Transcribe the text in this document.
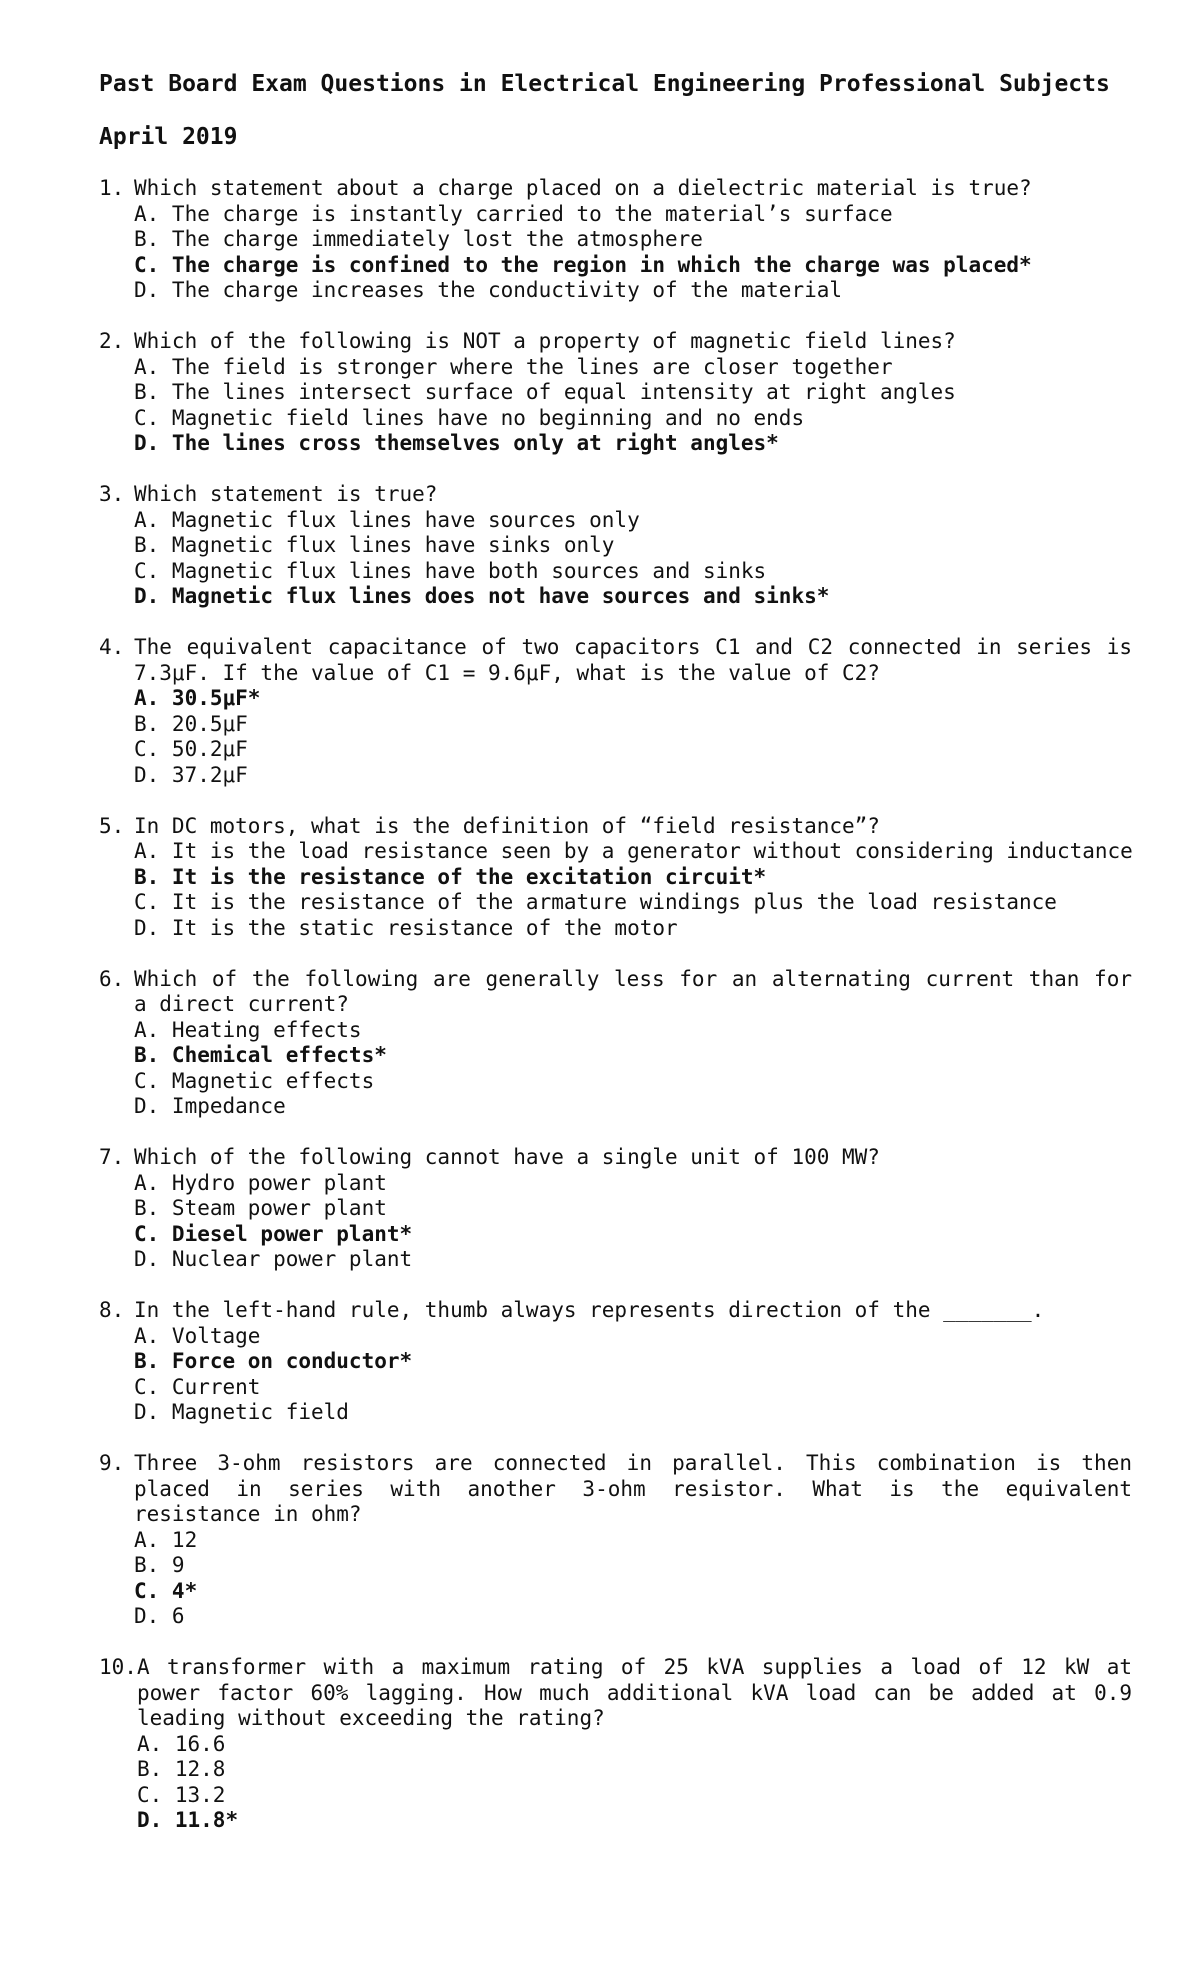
Past Board Exam Questions in Electrical Engineering Professional Subjects
April 2019
1. Which statement about a charge placed on a dielectric material is true?
A. The charge is instantly carried to the material’s surface
B. The charge immediately lost the atmosphere
C. The charge is confined to the region in which the charge was placed*
D. The charge increases the conductivity of the material
2. Which of the following is NOT a property of magnetic field lines?
A. The field is stronger where the lines are closer together
B. The lines intersect surface of equal intensity at right angles
C. Magnetic field lines have no beginning and no ends
D. The lines cross themselves only at right angles*
3. Which statement is true?
A. Magnetic flux lines have sources only
B. Magnetic flux lines have sinks only
C. Magnetic flux lines have both sources and sinks
D. Magnetic flux lines does not have sources and sinks*
4. The equivalent capacitance of two capacitors C1 and C2 connected in series is 7.3μF. If the value of C1 = 9.6μF, what is the value of C2?
A. 30.5μF*
B. 20.5μF
C. 50.2μF
D. 37.2μF
5. In DC motors, what is the definition of “field resistance”?
A. It is the load resistance seen by a generator without considering inductance
B. It is the resistance of the excitation circuit*
C. It is the resistance of the armature windings plus the load resistance
D. It is the static resistance of the motor
6. Which of the following are generally less for an alternating current than for a direct current?
A. Heating effects
B. Chemical effects*
C. Magnetic effects
D. Impedance
7. Which of the following cannot have a single unit of 100 MW?
A. Hydro power plant
B. Steam power plant
C. Diesel power plant*
D. Nuclear power plant
8. In the left-hand rule, thumb always represents direction of the _______.
A. Voltage
B. Force on conductor*
C. Current
D. Magnetic field
9. Three 3-ohm resistors are connected in parallel. This combination is then placed in series with another 3-ohm resistor. What is the equivalent resistance in ohm?
A. 12
B. 9
C. 4*
D. 6
10. A transformer with a maximum rating of 25 kVA supplies a load of 12 kW at power factor 60% lagging. How much additional kVA load can be added at 0.9 leading without exceeding the rating?
A. 16.6
B. 12.8
C. 13.2
D. 11.8*
